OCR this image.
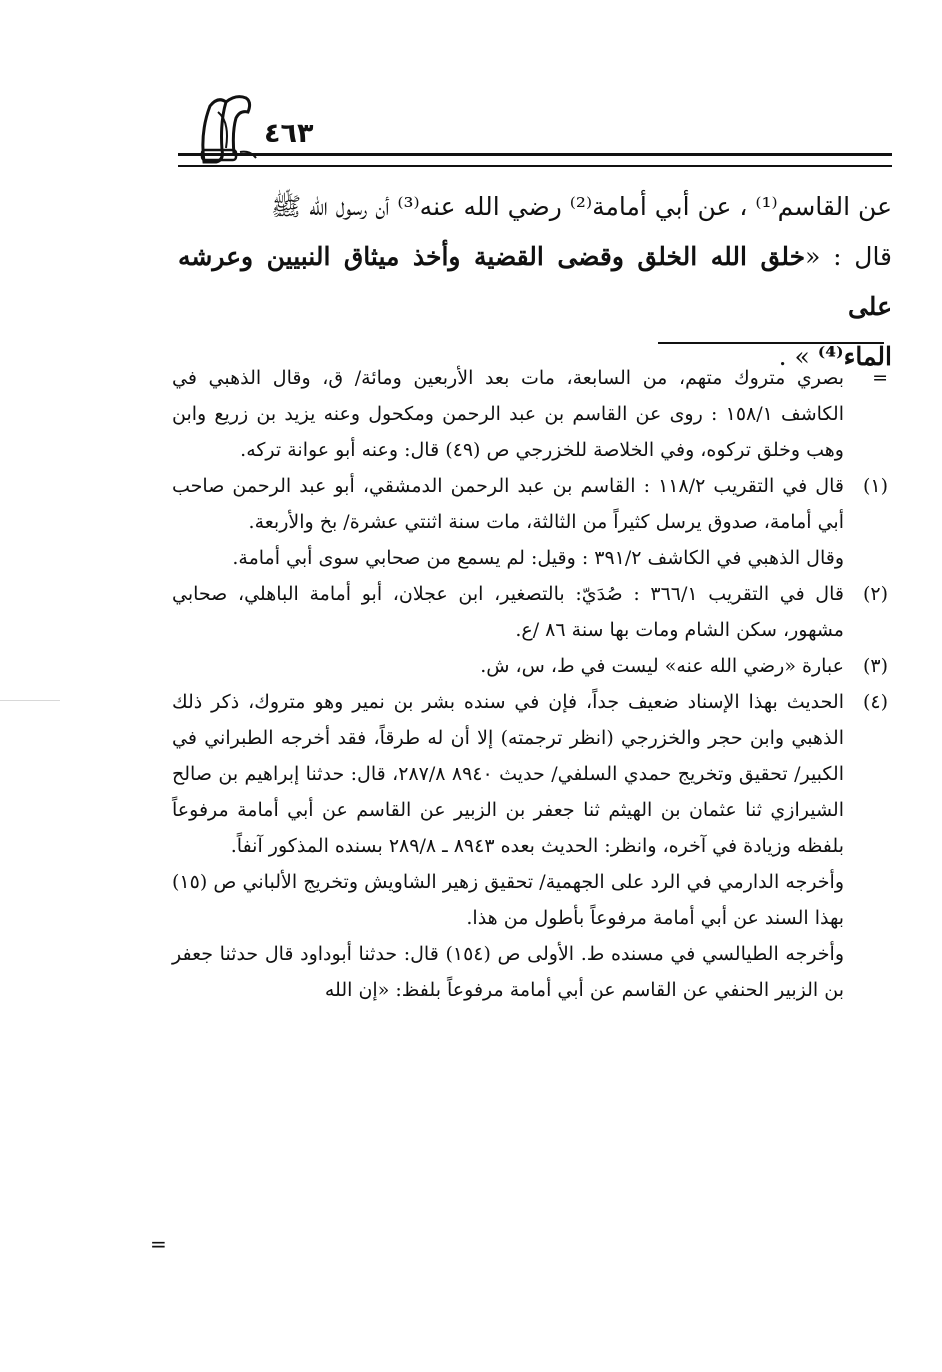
٤٦٣
عن القاسم⁽¹⁾ ، عن أبي أمامة⁽²⁾ رضي الله عنه⁽³⁾ أن رسول الله ﷺ
قال : «خلق الله الخلق وقضى القضية وأخذ ميثاق النبيين وعرشه على
الماء⁽⁴⁾ » .
=

بصري متروك متهم، من السابعة، مات بعد الأربعين ومائة/ ق، وقال الذهبي في الكاشف ١٥٨/١ : روى عن القاسم بن عبد الرحمن ومكحول وعنه يزيد بن زريع وابن وهب وخلق تركوه، وفي الخلاصة للخزرجي ص (٤٩) قال: وعنه أبو عوانة تركه.

(١)

قال في التقريب ١١٨/٢ : القاسم بن عبد الرحمن الدمشقي، أبو عبد الرحمن صاحب أبي أمامة، صدوق يرسل كثيراً من الثالثة، مات سنة اثنتي عشرة/ بخ والأربعة.

وقال الذهبي في الكاشف ٣٩١/٢ : وقيل: لم يسمع من صحابي سوى أبي أمامة.

(٢)

قال في التقريب ٣٦٦/١ : صُدَيّ: بالتصغير، ابن عجلان، أبو أمامة الباهلي، صحابي مشهور، سكن الشام ومات بها سنة ٨٦ /ع.

(٣)

عبارة «رضي الله عنه» ليست في ط، س، ش.

(٤)

الحديث بهذا الإسناد ضعيف جداً، فإن في سنده بشر بن نمير وهو متروك، ذكر ذلك الذهبي وابن حجر والخزرجي (انظر ترجمته) إلا أن له طرقاً، فقد أخرجه الطبراني في الكبير/ تحقيق وتخريج حمدي السلفي/ حديث ٨٩٤٠ ٢٨٧/٨، قال: حدثنا إبراهيم بن صالح الشيرازي ثنا عثمان بن الهيثم ثنا جعفر بن الزبير عن القاسم عن أبي أمامة مرفوعاً بلفظه وزيادة في آخره، وانظر: الحديث بعده ٨٩٤٣ ـ ٢٨٩/٨ بسنده المذكور آنفاً.

وأخرجه الدارمي في الرد على الجهمية/ تحقيق زهير الشاويش وتخريج الألباني ص (١٥) بهذا السند عن أبي أمامة مرفوعاً بأطول من هذا.

وأخرجه الطيالسي في مسنده ط. الأولى ص (١٥٤) قال: حدثنا أبوداود قال حدثنا جعفر بن الزبير الحنفي عن القاسم عن أبي أمامة مرفوعاً بلفظ: «إن الله

=
